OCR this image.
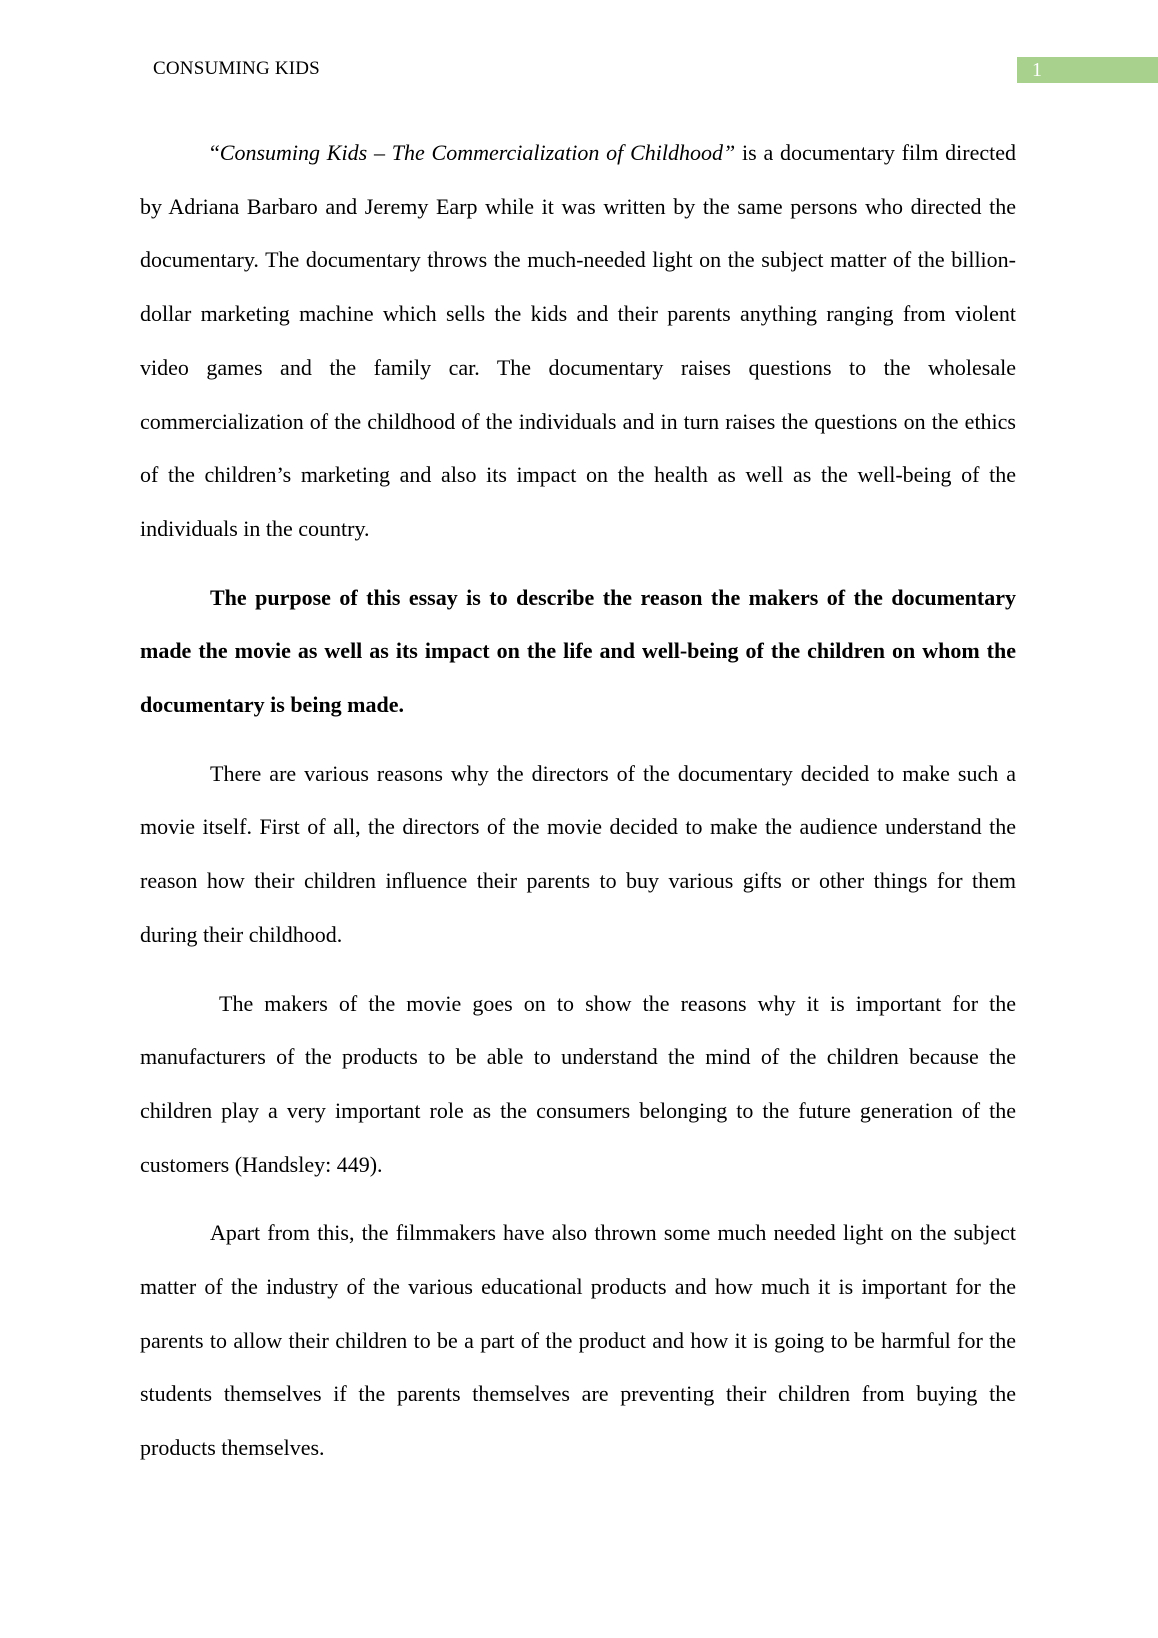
CONSUMING KIDS	1

“Consuming Kids – The Commercialization of Childhood” is a documentary film directed by Adriana Barbaro and Jeremy Earp while it was written by the same persons who directed the documentary. The documentary throws the much-needed light on the subject matter of the billion-dollar marketing machine which sells the kids and their parents anything ranging from violent video games and the family car. The documentary raises questions to the wholesale commercialization of the childhood of the individuals and in turn raises the questions on the ethics of the children’s marketing and also its impact on the health as well as the well-being of the individuals in the country.

The purpose of this essay is to describe the reason the makers of the documentary made the movie as well as its impact on the life and well-being of the children on whom the documentary is being made.

There are various reasons why the directors of the documentary decided to make such a movie itself. First of all, the directors of the movie decided to make the audience understand the reason how their children influence their parents to buy various gifts or other things for them during their childhood.

The makers of the movie goes on to show the reasons why it is important for the manufacturers of the products to be able to understand the mind of the children because the children play a very important role as the consumers belonging to the future generation of the customers (Handsley: 449).

Apart from this, the filmmakers have also thrown some much needed light on the subject matter of the industry of the various educational products and how much it is important for the parents to allow their children to be a part of the product and how it is going to be harmful for the students themselves if the parents themselves are preventing their children from buying the products themselves.
